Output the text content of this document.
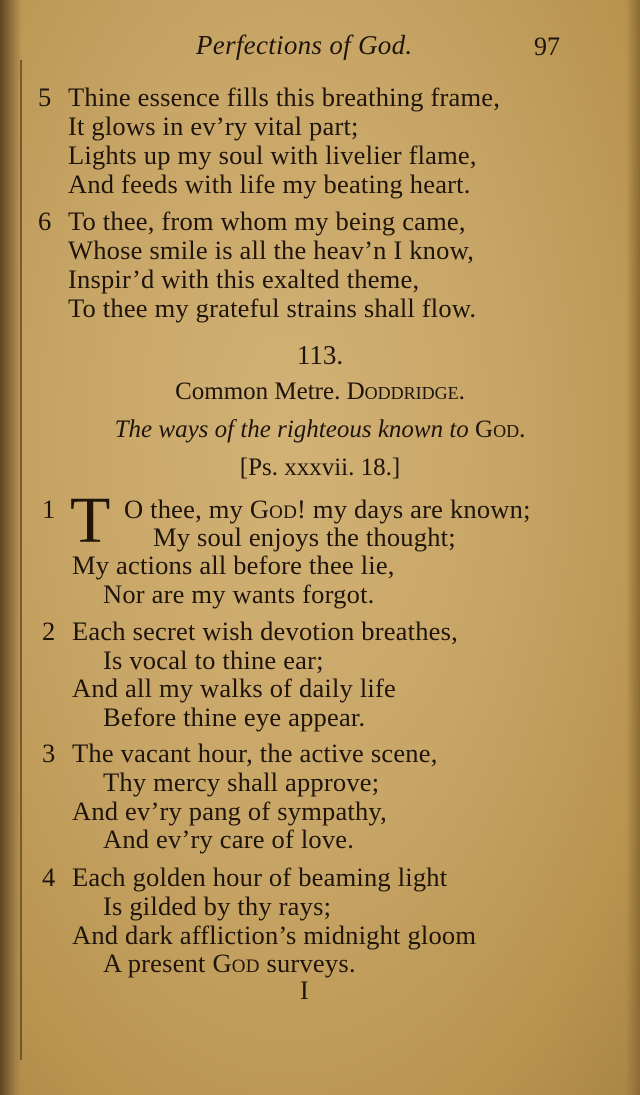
Perfections of God.	97
5 Thine essence fills this breathing frame,
It glows in ev’ry vital part;
Lights up my soul with livelier flame,
And feeds with life my beating heart.
6 To thee, from whom my being came,
Whose smile is all the heav’n I know,
Inspir’d with this exalted theme,
To thee my grateful strains shall flow.
113.
Common Metre. Doddridge.
The ways of the righteous known to God.
[Ps. xxxvii. 18.]
1 T O thee, my God! my days are known;
My soul enjoys the thought;
My actions all before thee lie,
Nor are my wants forgot.
2 Each secret wish devotion breathes,
Is vocal to thine ear;
And all my walks of daily life
Before thine eye appear.
3 The vacant hour, the active scene,
Thy mercy shall approve;
And ev’ry pang of sympathy,
And ev’ry care of love.
4 Each golden hour of beaming light
Is gilded by thy rays;
And dark affliction’s midnight gloom
A present God surveys.
I
